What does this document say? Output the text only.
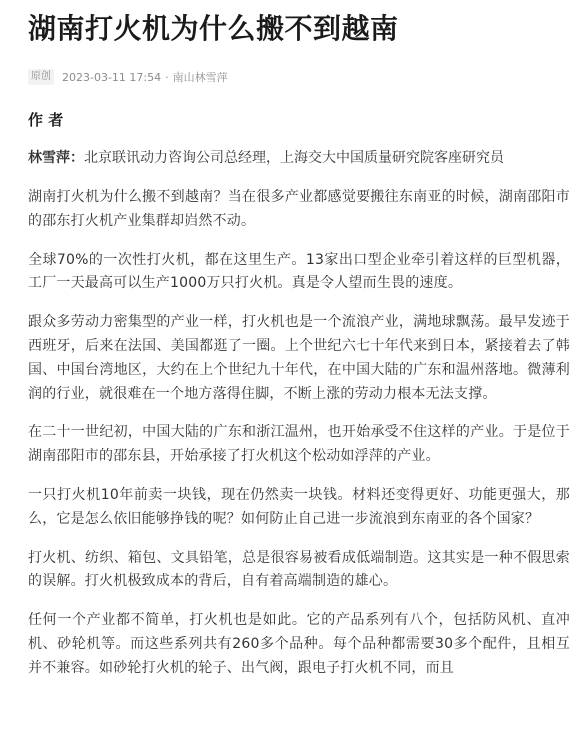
湖南打火机为什么搬不到越南
原创 2023-03-11 17:54 · 南山林雪萍
作 者
林雪萍：北京联讯动力咨询公司总经理，上海交大中国质量研究院客座研究员

湖南打火机为什么搬不到越南？当在很多产业都感觉要搬往东南亚的时候，湖南邵阳市的邵东打火机产业集群却岿然不动。

全球70%的一次性打火机，都在这里生产。13家出口型企业牵引着这样的巨型机器，工厂一天最高可以生产1000万只打火机。真是令人望而生畏的速度。

跟众多劳动力密集型的产业一样，打火机也是一个流浪产业，满地球飘荡。最早发迹于西班牙，后来在法国、美国都逛了一圈。上个世纪六七十年代来到日本，紧接着去了韩国、中国台湾地区，大约在上个世纪九十年代，在中国大陆的广东和温州落地。微薄利润的行业，就很难在一个地方落得住脚，不断上涨的劳动力根本无法支撑。

在二十一世纪初，中国大陆的广东和浙江温州，也开始承受不住这样的产业。于是位于湖南邵阳市的邵东县，开始承接了打火机这个松动如浮萍的产业。

一只打火机10年前卖一块钱，现在仍然卖一块钱。材料还变得更好、功能更强大，那么，它是怎么依旧能够挣钱的呢？如何防止自己进一步流浪到东南亚的各个国家？

打火机、纺织、箱包、文具铅笔，总是很容易被看成低端制造。这其实是一种不假思索的误解。打火机极致成本的背后，自有着高端制造的雄心。

任何一个产业都不简单，打火机也是如此。它的产品系列有八个，包括防风机、直冲机、砂轮机等。而这些系列共有260多个品种。每个品种都需要30多个配件，且相互并不兼容。如砂轮打火机的轮子、出气阀，跟电子打火机不同，而且
